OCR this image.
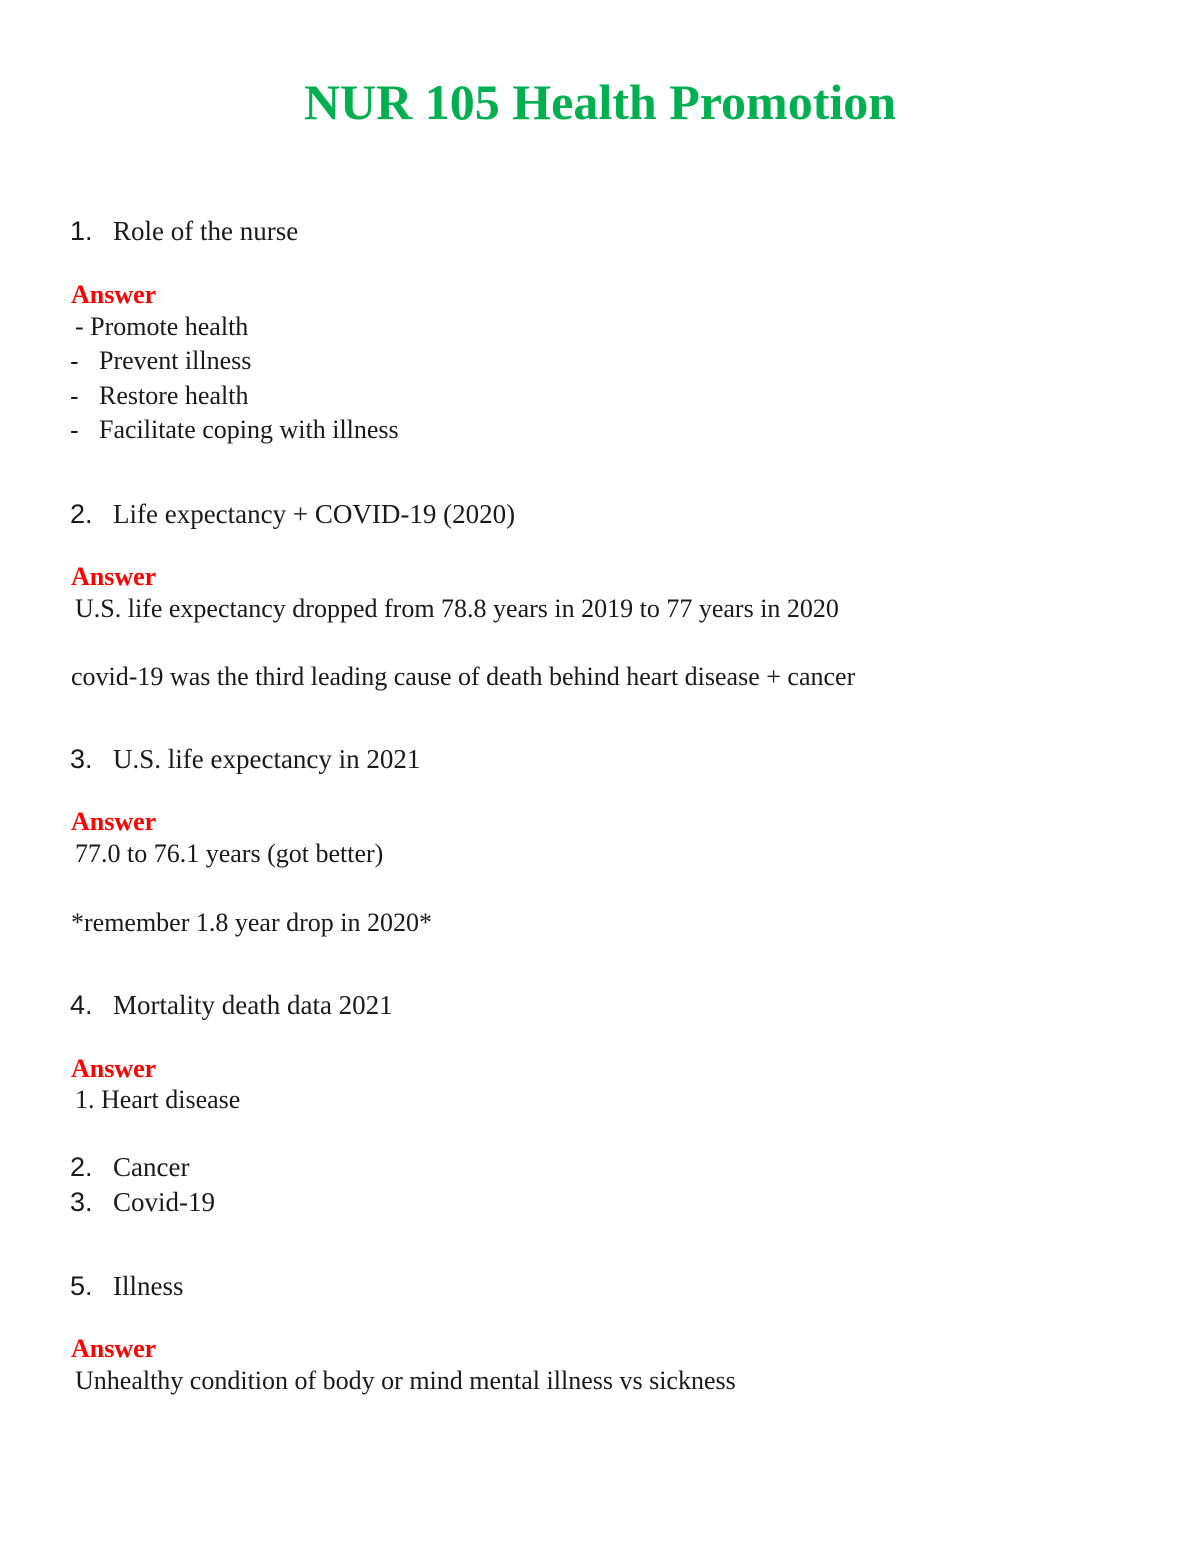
NUR 105 Health Promotion
1. Role of the nurse
Answer
- Promote health
- Prevent illness
- Restore health
- Facilitate coping with illness
2. Life expectancy + COVID-19 (2020)
Answer
U.S. life expectancy dropped from 78.8 years in 2019 to 77 years in 2020
covid-19 was the third leading cause of death behind heart disease + cancer
3. U.S. life expectancy in 2021
Answer
77.0 to 76.1 years (got better)
*remember 1.8 year drop in 2020*
4. Mortality death data 2021
Answer
1. Heart disease
2. Cancer
3. Covid-19
5. Illness
Answer
Unhealthy condition of body or mind mental illness vs sickness
